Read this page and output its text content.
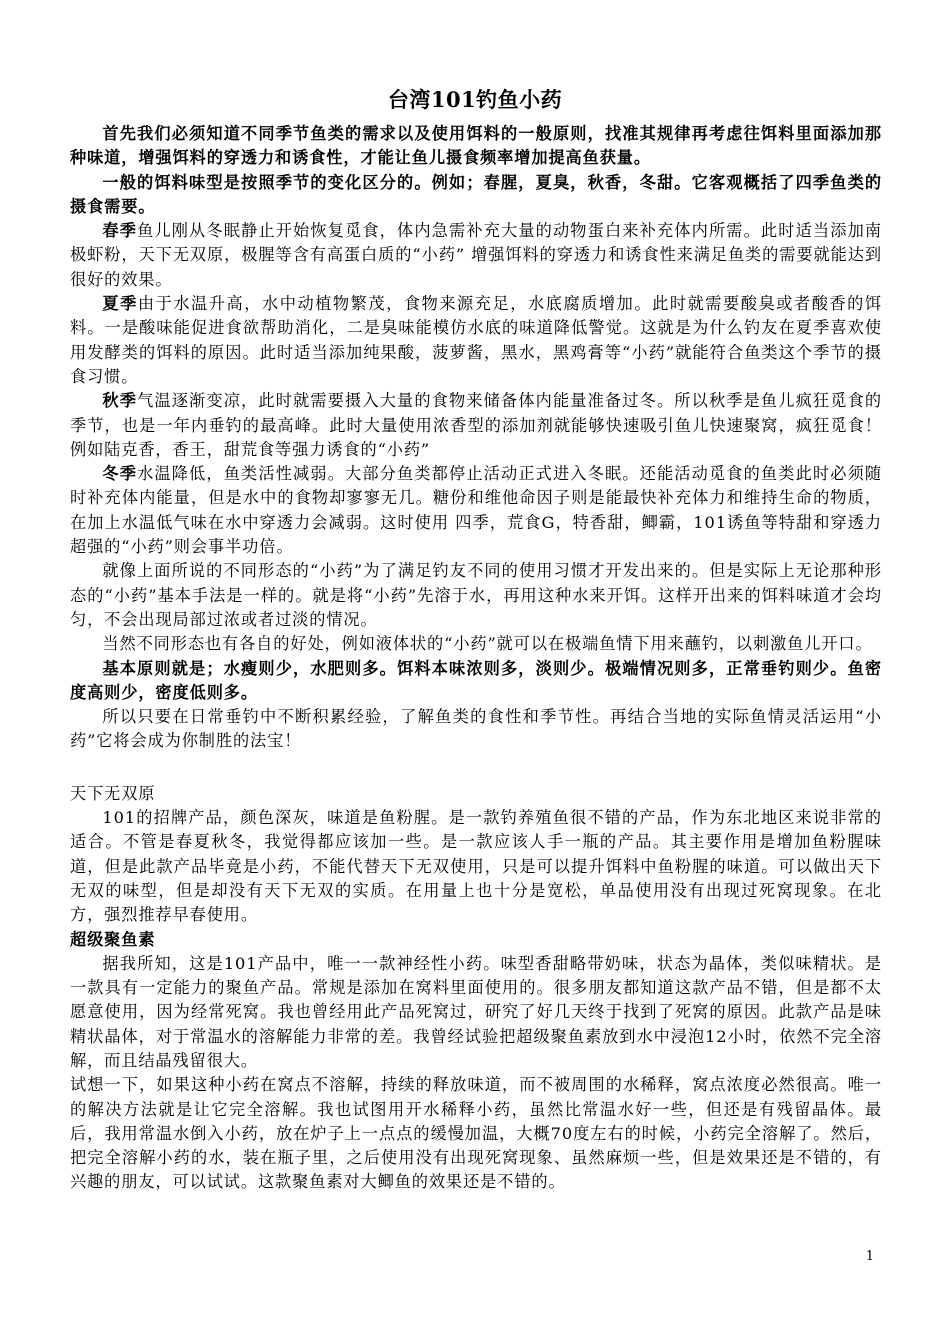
台湾101钓鱼小药

首先我们必须知道不同季节鱼类的需求以及使用饵料的一般原则，找准其规律再考虑往饵料里面添加那种味道，增强饵料的穿透力和诱食性，才能让鱼儿摄食频率增加提高鱼获量。

一般的饵料味型是按照季节的变化区分的。例如；春腥，夏臭，秋香，冬甜。它客观概括了四季鱼类的摄食需要。

春季鱼儿刚从冬眠静止开始恢复觅食，体内急需补充大量的动物蛋白来补充体内所需。此时适当添加南极虾粉，天下无双原，极腥等含有高蛋白质的“小药” 增强饵料的穿透力和诱食性来满足鱼类的需要就能达到很好的效果。

夏季由于水温升高，水中动植物繁茂，食物来源充足，水底腐质增加。此时就需要酸臭或者酸香的饵料。一是酸味能促进食欲帮助消化，二是臭味能模仿水底的味道降低警觉。这就是为什么钓友在夏季喜欢使用发酵类的饵料的原因。此时适当添加纯果酸，菠萝酱，黑水，黑鸡膏等“小药”就能符合鱼类这个季节的摄食习惯。

秋季气温逐渐变凉，此时就需要摄入大量的食物来储备体内能量准备过冬。所以秋季是鱼儿疯狂觅食的季节，也是一年内垂钓的最高峰。此时大量使用浓香型的添加剂就能够快速吸引鱼儿快速聚窝，疯狂觅食！例如陆克香，香王，甜荒食等强力诱食的“小药”

冬季水温降低，鱼类活性减弱。大部分鱼类都停止活动正式进入冬眠。还能活动觅食的鱼类此时必须随时补充体内能量，但是水中的食物却寥寥无几。糖份和维他命因子则是能最快补充体力和维持生命的物质，在加上水温低气味在水中穿透力会减弱。这时使用 四季，荒食G，特香甜，鲫霸，101诱鱼等特甜和穿透力超强的“小药”则会事半功倍。

就像上面所说的不同形态的“小药”为了满足钓友不同的使用习惯才开发出来的。但是实际上无论那种形态的“小药”基本手法是一样的。就是将“小药”先溶于水，再用这种水来开饵。这样开出来的饵料味道才会均匀，不会出现局部过浓或者过淡的情况。

当然不同形态也有各自的好处，例如液体状的“小药”就可以在极端鱼情下用来蘸钓，以刺激鱼儿开口。

基本原则就是；水瘦则少，水肥则多。饵料本味浓则多，淡则少。极端情况则多，正常垂钓则少。鱼密度高则少，密度低则多。

所以只要在日常垂钓中不断积累经验，了解鱼类的食性和季节性。再结合当地的实际鱼情灵活运用“小药”它将会成为你制胜的法宝！

天下无双原

101的招牌产品，颜色深灰，味道是鱼粉腥。是一款钓养殖鱼很不错的产品，作为东北地区来说非常的适合。不管是春夏秋冬，我觉得都应该加一些。是一款应该人手一瓶的产品。其主要作用是增加鱼粉腥味道，但是此款产品毕竟是小药，不能代替天下无双使用，只是可以提升饵料中鱼粉腥的味道。可以做出天下无双的味型，但是却没有天下无双的实质。在用量上也十分是宽松，单品使用没有出现过死窝现象。在北方，强烈推荐早春使用。

超级聚鱼素

据我所知，这是101产品中，唯一一款神经性小药。味型香甜略带奶味，状态为晶体，类似味精状。是一款具有一定能力的聚鱼产品。常规是添加在窝料里面使用的。很多朋友都知道这款产品不错，但是都不太愿意使用，因为经常死窝。我也曾经用此产品死窝过，研究了好几天终于找到了死窝的原因。此款产品是味精状晶体，对于常温水的溶解能力非常的差。我曾经试验把超级聚鱼素放到水中浸泡12小时，依然不完全溶解，而且结晶残留很大。

试想一下，如果这种小药在窝点不溶解，持续的释放味道，而不被周围的水稀释，窝点浓度必然很高。唯一的解决方法就是让它完全溶解。我也试图用开水稀释小药，虽然比常温水好一些，但还是有残留晶体。最后，我用常温水倒入小药，放在炉子上一点点的缓慢加温，大概70度左右的时候，小药完全溶解了。然后，把完全溶解小药的水，装在瓶子里，之后使用没有出现死窝现象、虽然麻烦一些，但是效果还是不错的，有兴趣的朋友，可以试试。这款聚鱼素对大鲫鱼的效果还是不错的。

1
